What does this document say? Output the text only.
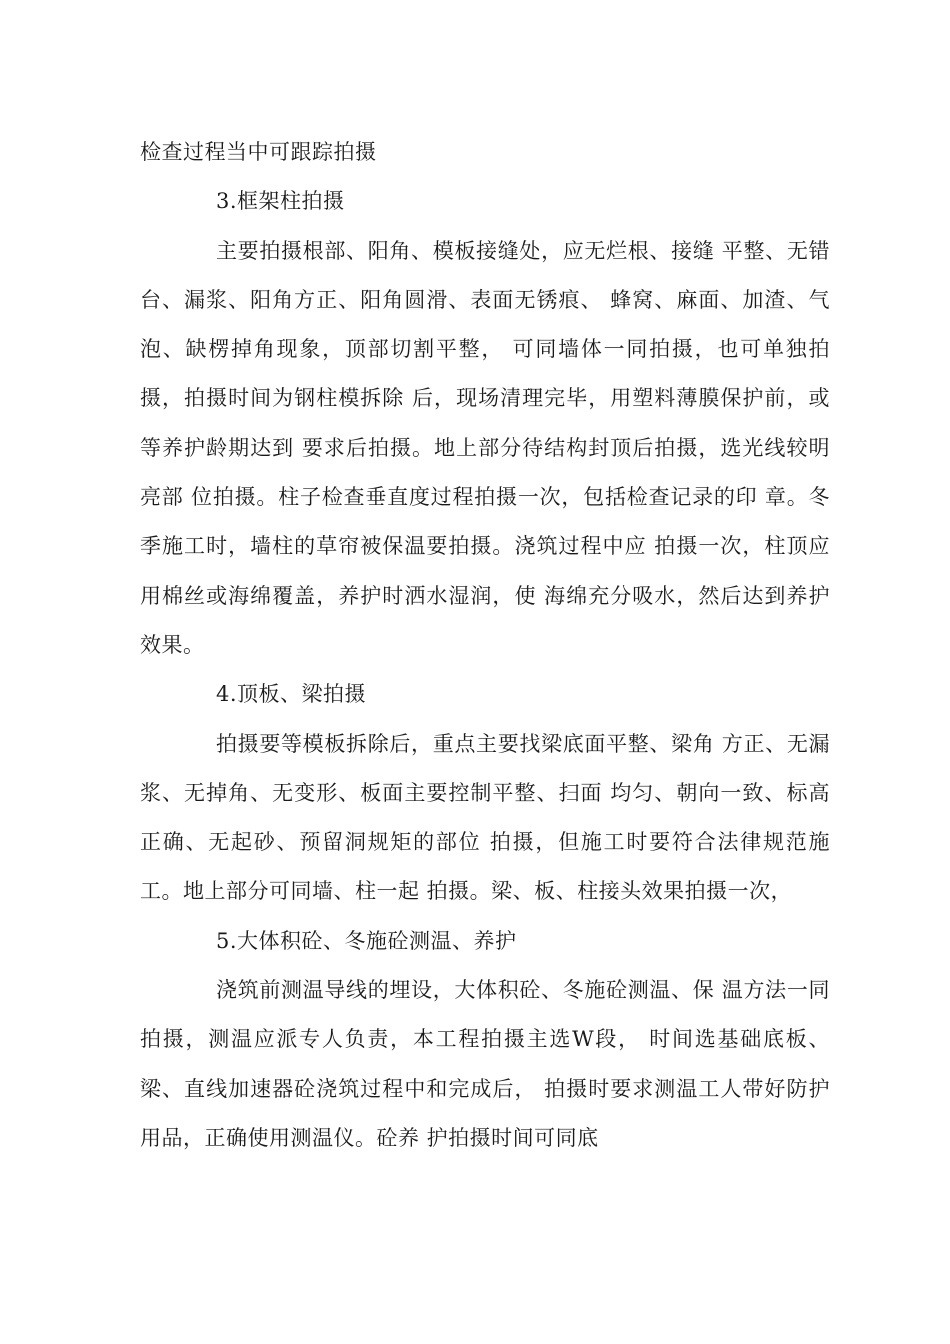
检查过程当中可跟踪拍摄

3.框架柱拍摄

主要拍摄根部、阳角、模板接缝处，应无烂根、接缝 平整、无错台、漏浆、阳角方正、阳角圆滑、表面无锈痕、 蜂窝、麻面、加渣、气泡、缺楞掉角现象，顶部切割平整， 可同墙体一同拍摄，也可单独拍摄，拍摄时间为钢柱模拆除 后，现场清理完毕，用塑料薄膜保护前，或等养护龄期达到 要求后拍摄。地上部分待结构封顶后拍摄，选光线较明亮部 位拍摄。柱子检查垂直度过程拍摄一次，包括检查记录的印 章。冬季施工时，墙柱的草帘被保温要拍摄。浇筑过程中应 拍摄一次，柱顶应用棉丝或海绵覆盖，养护时洒水湿润，使 海绵充分吸水，然后达到养护效果。

4.顶板、梁拍摄

拍摄要等模板拆除后，重点主要找梁底面平整、梁角 方正、无漏浆、无掉角、无变形、板面主要控制平整、扫面 均匀、朝向一致、标高正确、无起砂、预留洞规矩的部位 拍摄，但施工时要符合法律规范施工。地上部分可同墙、柱一起 拍摄。梁、板、柱接头效果拍摄一次，

5.大体积砼、冬施砼测温、养护

浇筑前测温导线的埋设，大体积砼、冬施砼测温、保 温方法一同拍摄，测温应派专人负责，本工程拍摄主选W段， 时间选基础底板、梁、直线加速器砼浇筑过程中和完成后， 拍摄时要求测温工人带好防护用品，正确使用测温仪。砼养 护拍摄时间可同底
